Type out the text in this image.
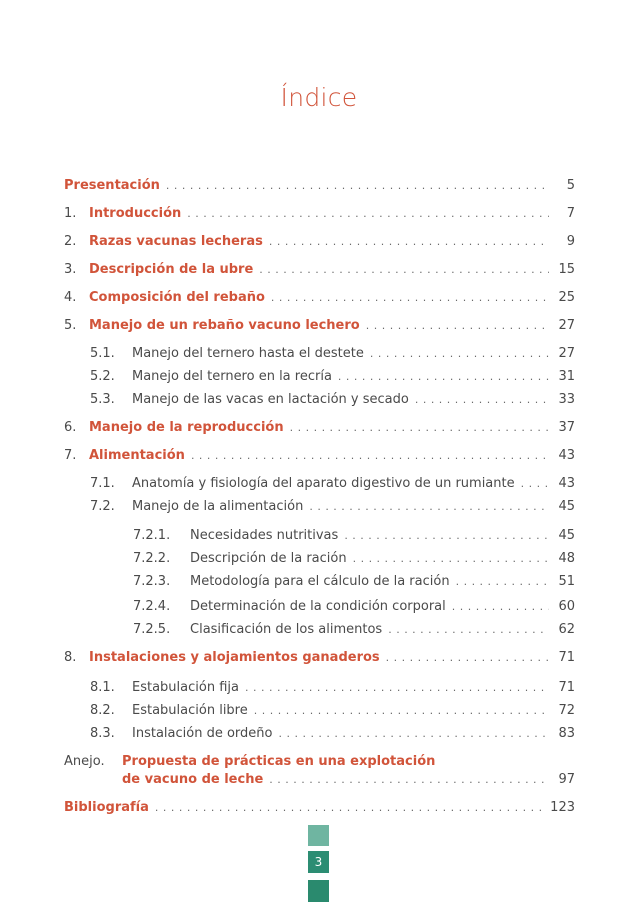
Índice
Presentación . . .	5
1. Introducción . . .	7
2. Razas vacunas lecheras . . .	9
3. Descripción de la ubre . . .	15
4. Composición del rebaño . . .	25
5. Manejo de un rebaño vacuno lechero . . .	27
5.1.	Manejo del ternero hasta el destete . . .	27
5.2.	Manejo del ternero en la recría . . .	31
5.3.	Manejo de las vacas en lactación y secado . . .	33
6. Manejo de la reproducción . . .	37
7. Alimentación . . .	43
7.1.	Anatomía y fisiología del aparato digestivo de un rumiante . . .	43
7.2.	Manejo de la alimentación . . .	45
7.2.1.	Necesidades nutritivas . . .	45
7.2.2.	Descripción de la ración . . .	48
7.2.3.	Metodología para el cálculo de la ración . . .	51
7.2.4.	Determinación de la condición corporal . . .	60
7.2.5.	Clasificación de los alimentos . . .	62
8. Instalaciones y alojamientos ganaderos . . .	71
8.1.	Estabulación fija . . .	71
8.2.	Estabulación libre . . .	72
8.3.	Instalación de ordeño . . .	83
Anejo.	Propuesta de prácticas en una explotación
de vacuno de leche . . .	97
Bibliografía . . .	123
3
